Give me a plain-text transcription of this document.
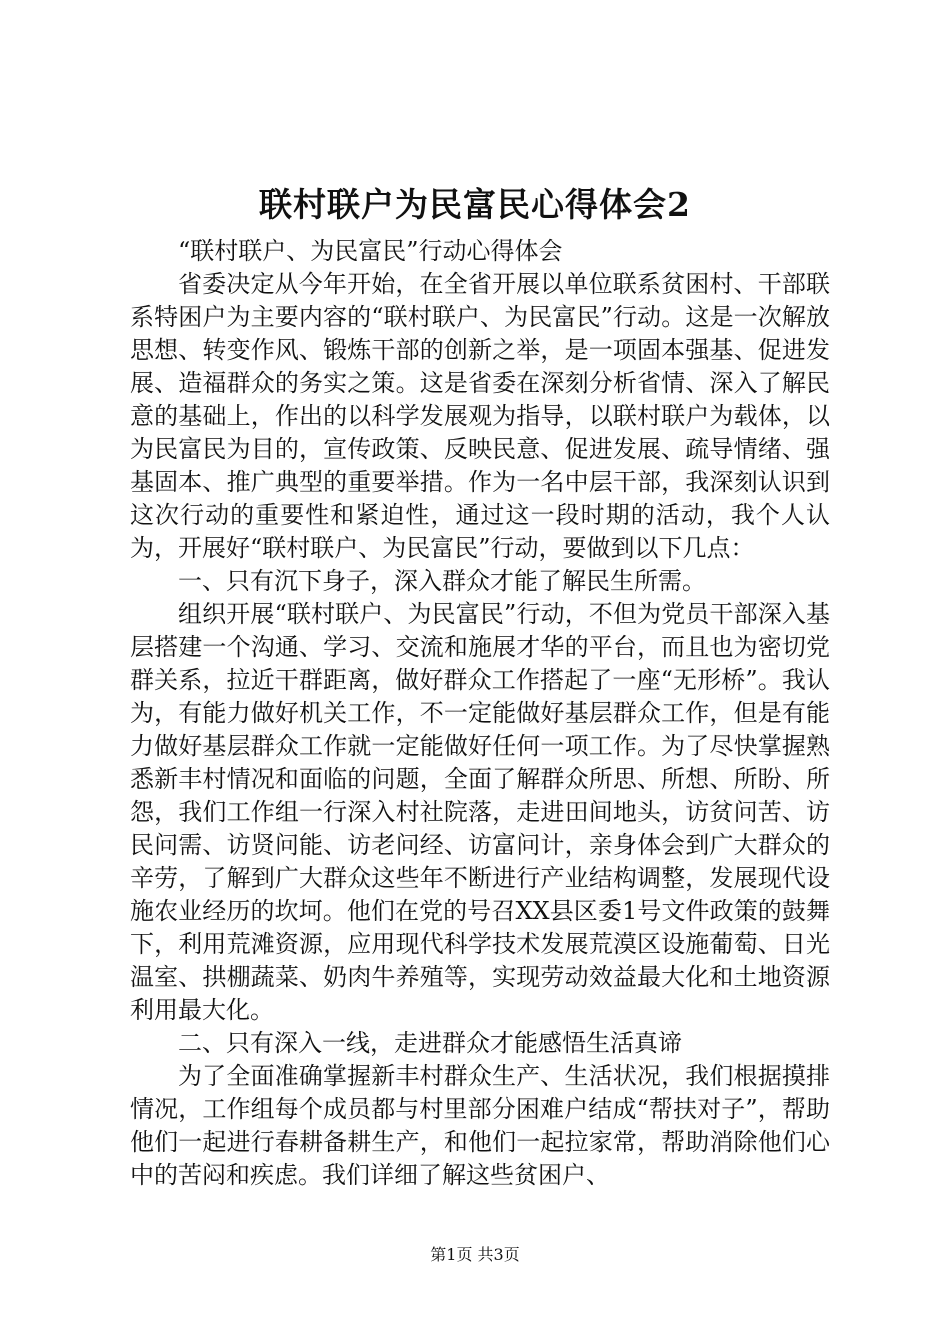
联村联户为民富民心得体会2

“联村联户、为民富民”行动心得体会

省委决定从今年开始，在全省开展以单位联系贫困村、干部联系特困户为主要内容的“联村联户、为民富民”行动。这是一次解放思想、转变作风、锻炼干部的创新之举，是一项固本强基、促进发展、造福群众的务实之策。这是省委在深刻分析省情、深入了解民意的基础上，作出的以科学发展观为指导，以联村联户为载体，以为民富民为目的，宣传政策、反映民意、促进发展、疏导情绪、强基固本、推广典型的重要举措。作为一名中层干部，我深刻认识到这次行动的重要性和紧迫性，通过这一段时期的活动，我个人认为，开展好“联村联户、为民富民”行动，要做到以下几点：

一、只有沉下身子，深入群众才能了解民生所需。

组织开展“联村联户、为民富民”行动，不但为党员干部深入基层搭建一个沟通、学习、交流和施展才华的平台，而且也为密切党群关系，拉近干群距离，做好群众工作搭起了一座“无形桥”。我认为，有能力做好机关工作，不一定能做好基层群众工作，但是有能力做好基层群众工作就一定能做好任何一项工作。为了尽快掌握熟悉新丰村情况和面临的问题，全面了解群众所思、所想、所盼、所怨，我们工作组一行深入村社院落，走进田间地头，访贫问苦、访民问需、访贤问能、访老问经、访富问计，亲身体会到广大群众的辛劳，了解到广大群众这些年不断进行产业结构调整，发展现代设施农业经历的坎坷。他们在党的号召XX县区委1号文件政策的鼓舞下，利用荒滩资源，应用现代科学技术发展荒漠区设施葡萄、日光温室、拱棚蔬菜、奶肉牛养殖等，实现劳动效益最大化和土地资源利用最大化。

二、只有深入一线，走进群众才能感悟生活真谛

为了全面准确掌握新丰村群众生产、生活状况，我们根据摸排情况，工作组每个成员都与村里部分困难户结成“帮扶对子”，帮助他们一起进行春耕备耕生产，和他们一起拉家常，帮助消除他们心中的苦闷和疾虑。我们详细了解这些贫困户、

第1页 共3页
